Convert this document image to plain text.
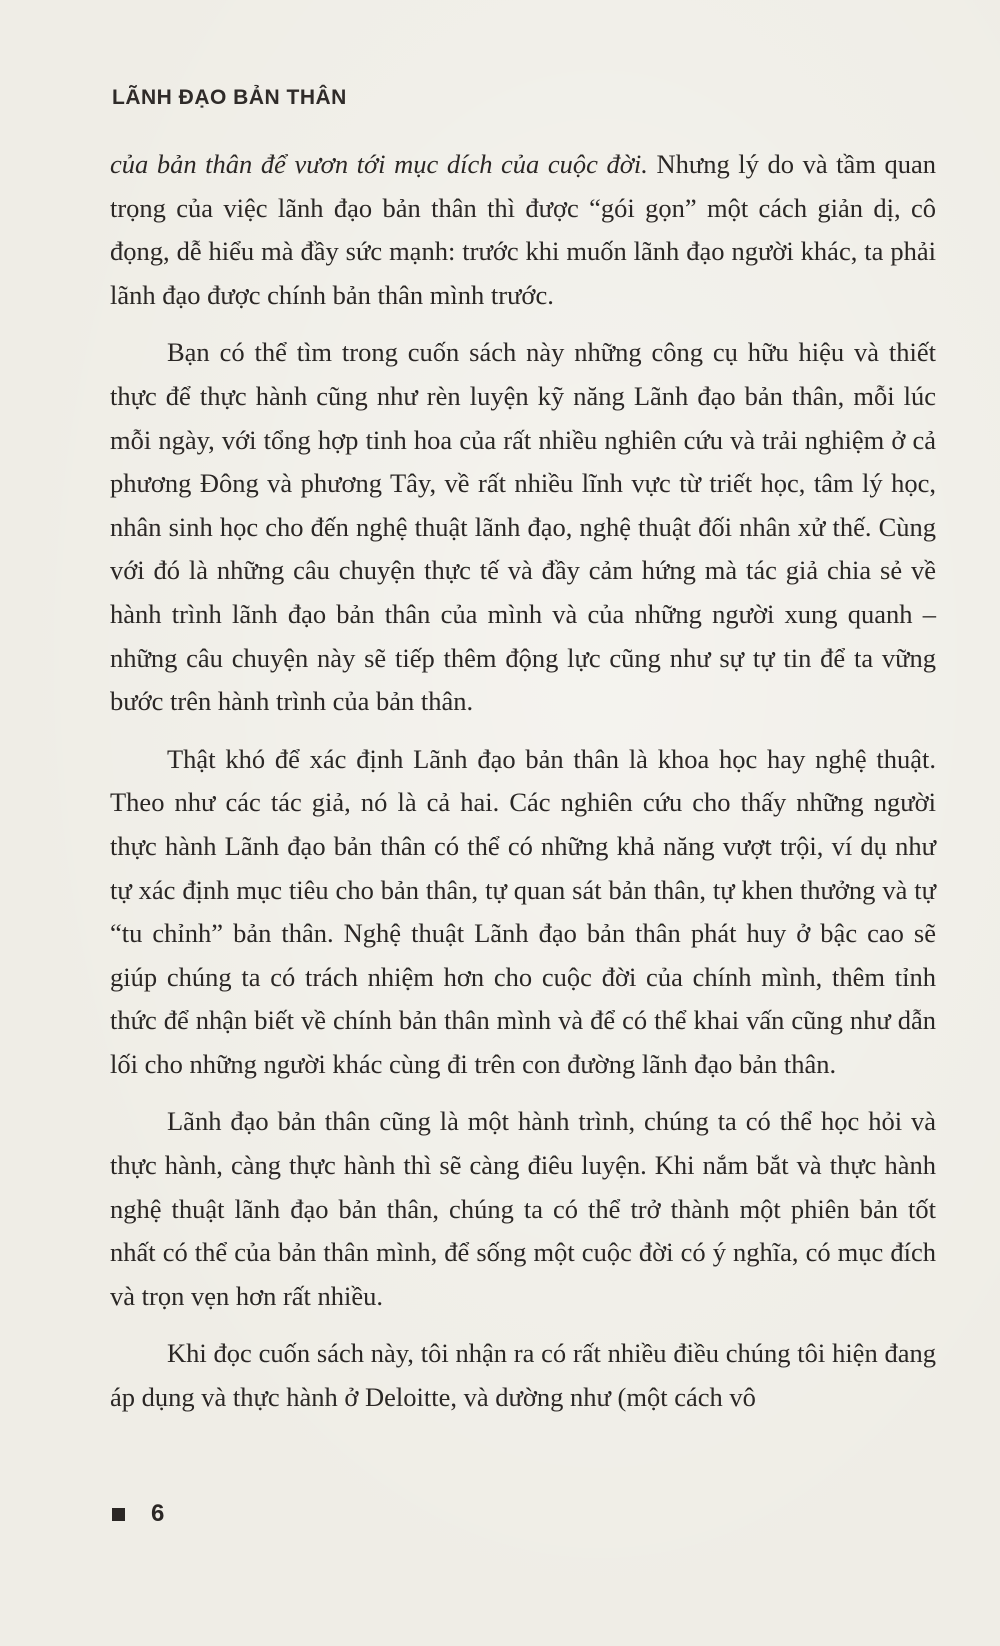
LÃNH ĐẠO BẢN THÂN

của bản thân để vươn tới mục dích của cuộc đời. Nhưng lý do và tầm quan trọng của việc lãnh đạo bản thân thì được “gói gọn” một cách giản dị, cô đọng, dễ hiểu mà đầy sức mạnh: trước khi muốn lãnh đạo người khác, ta phải lãnh đạo được chính bản thân mình trước.

Bạn có thể tìm trong cuốn sách này những công cụ hữu hiệu và thiết thực để thực hành cũng như rèn luyện kỹ năng Lãnh đạo bản thân, mỗi lúc mỗi ngày, với tổng hợp tinh hoa của rất nhiều nghiên cứu và trải nghiệm ở cả phương Đông và phương Tây, về rất nhiều lĩnh vực từ triết học, tâm lý học, nhân sinh học cho đến nghệ thuật lãnh đạo, nghệ thuật đối nhân xử thế. Cùng với đó là những câu chuyện thực tế và đầy cảm hứng mà tác giả chia sẻ về hành trình lãnh đạo bản thân của mình và của những người xung quanh – những câu chuyện này sẽ tiếp thêm động lực cũng như sự tự tin để ta vững bước trên hành trình của bản thân.

Thật khó để xác định Lãnh đạo bản thân là khoa học hay nghệ thuật. Theo như các tác giả, nó là cả hai. Các nghiên cứu cho thấy những người thực hành Lãnh đạo bản thân có thể có những khả năng vượt trội, ví dụ như tự xác định mục tiêu cho bản thân, tự quan sát bản thân, tự khen thưởng và tự “tu chỉnh” bản thân. Nghệ thuật Lãnh đạo bản thân phát huy ở bậc cao sẽ giúp chúng ta có trách nhiệm hơn cho cuộc đời của chính mình, thêm tỉnh thức để nhận biết về chính bản thân mình và để có thể khai vấn cũng như dẫn lối cho những người khác cùng đi trên con đường lãnh đạo bản thân.

Lãnh đạo bản thân cũng là một hành trình, chúng ta có thể học hỏi và thực hành, càng thực hành thì sẽ càng điêu luyện. Khi nắm bắt và thực hành nghệ thuật lãnh đạo bản thân, chúng ta có thể trở thành một phiên bản tốt nhất có thể của bản thân mình, để sống một cuộc đời có ý nghĩa, có mục đích và trọn vẹn hơn rất nhiều.

Khi đọc cuốn sách này, tôi nhận ra có rất nhiều điều chúng tôi hiện đang áp dụng và thực hành ở Deloitte, và dường như (một cách vô

6
